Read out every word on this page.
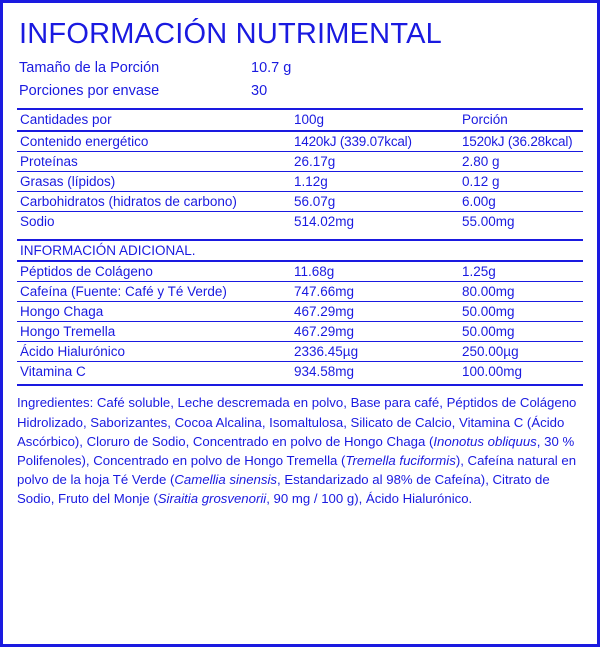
INFORMACIÓN NUTRIMENTAL
Tamaño de la Porción	10.7 g
Porciones por envase	30
Cantidades por	100g	Porción
Contenido energético	1420kJ (339.07kcal)	1520kJ (36.28kcal)
Proteínas	26.17g	2.80 g
Grasas (lípidos)	1.12g	0.12 g
Carbohidratos (hidratos de carbono)	56.07g	6.00g
Sodio	514.02mg	55.00mg

INFORMACIÓN ADICIONAL.		
Péptidos de Colágeno	11.68g	1.25g
Cafeína (Fuente: Café y Té Verde)	747.66mg	80.00mg
Hongo Chaga	467.29mg	50.00mg
Hongo Tremella	467.29mg	50.00mg
Ácido Hialurónico	2336.45µg	250.00µg
Vitamina C	934.58mg	100.00mg
Ingredientes: Café soluble, Leche descremada en polvo, Base para café, Péptidos de Colágeno Hidrolizado, Saborizantes, Cocoa Alcalina, Isomaltulosa, Silicato de Calcio, Vitamina C (Ácido Ascórbico), Cloruro de Sodio, Concentrado en polvo de Hongo Chaga (Inonotus obliquus, 30 % Polifenoles), Concentrado en polvo de Hongo Tremella (Tremella fuciformis), Cafeína natural en polvo de la hoja Té Verde (Camellia sinensis, Estandarizado al 98% de Cafeína), Citrato de Sodio, Fruto del Monje (Siraitia grosvenorii, 90 mg / 100 g), Ácido Hialurónico.
